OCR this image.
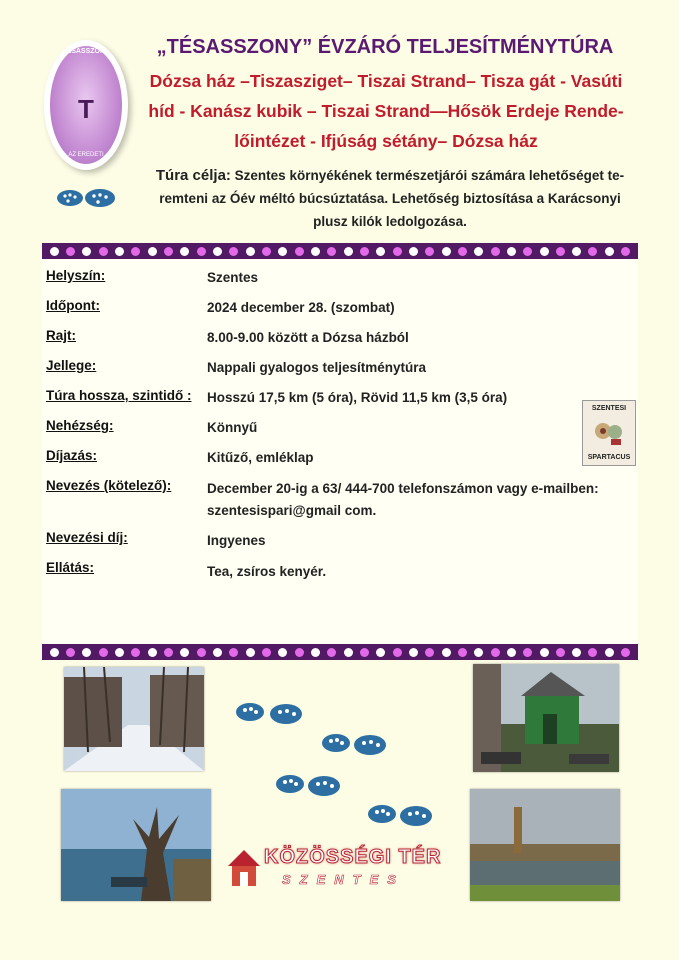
TÉSASSZONY
T
AZ EREDETI
„TÉSASSZONY” ÉVZÁRÓ TELJESÍTMÉNYTÚRA
Dózsa ház –Tiszasziget– Tiszai Strand– Tisza gát - Vasúti
híd - Kanász kubik – Tiszai Strand—Hősök Erdeje Rende-
lőintézet - Ifjúság sétány– Dózsa ház
Túra célja: Szentes környékének természetjárói számára lehetőséget te-
remteni az Óév méltó búcsúztatása. Lehetőség biztosítása a Karácsonyi
plusz kilók ledolgozása.
Helyszín:	Szentes
Időpont:	2024 december 28. (szombat)
Rajt:	8.00-9.00 között a Dózsa házból
Jellege:	Nappali gyalogos teljesítménytúra
Túra hossza, szintidő : Hosszú 17,5 km (5 óra), Rövid 11,5 km (3,5 óra)
Nehézség:	Könnyű
Díjazás:	Kitűző, emléklap
Nevezés (kötelező):	December 20-ig a 63/ 444-700 telefonszámon vagy e-mailben:
szentesispari@gmail com.
Nevezési díj:	Ingyenes
Ellátás:	Tea, zsíros kenyér.
SZENTESI
SPARTACUS
KÖZÖSSÉGI TÉR
SZENTES
